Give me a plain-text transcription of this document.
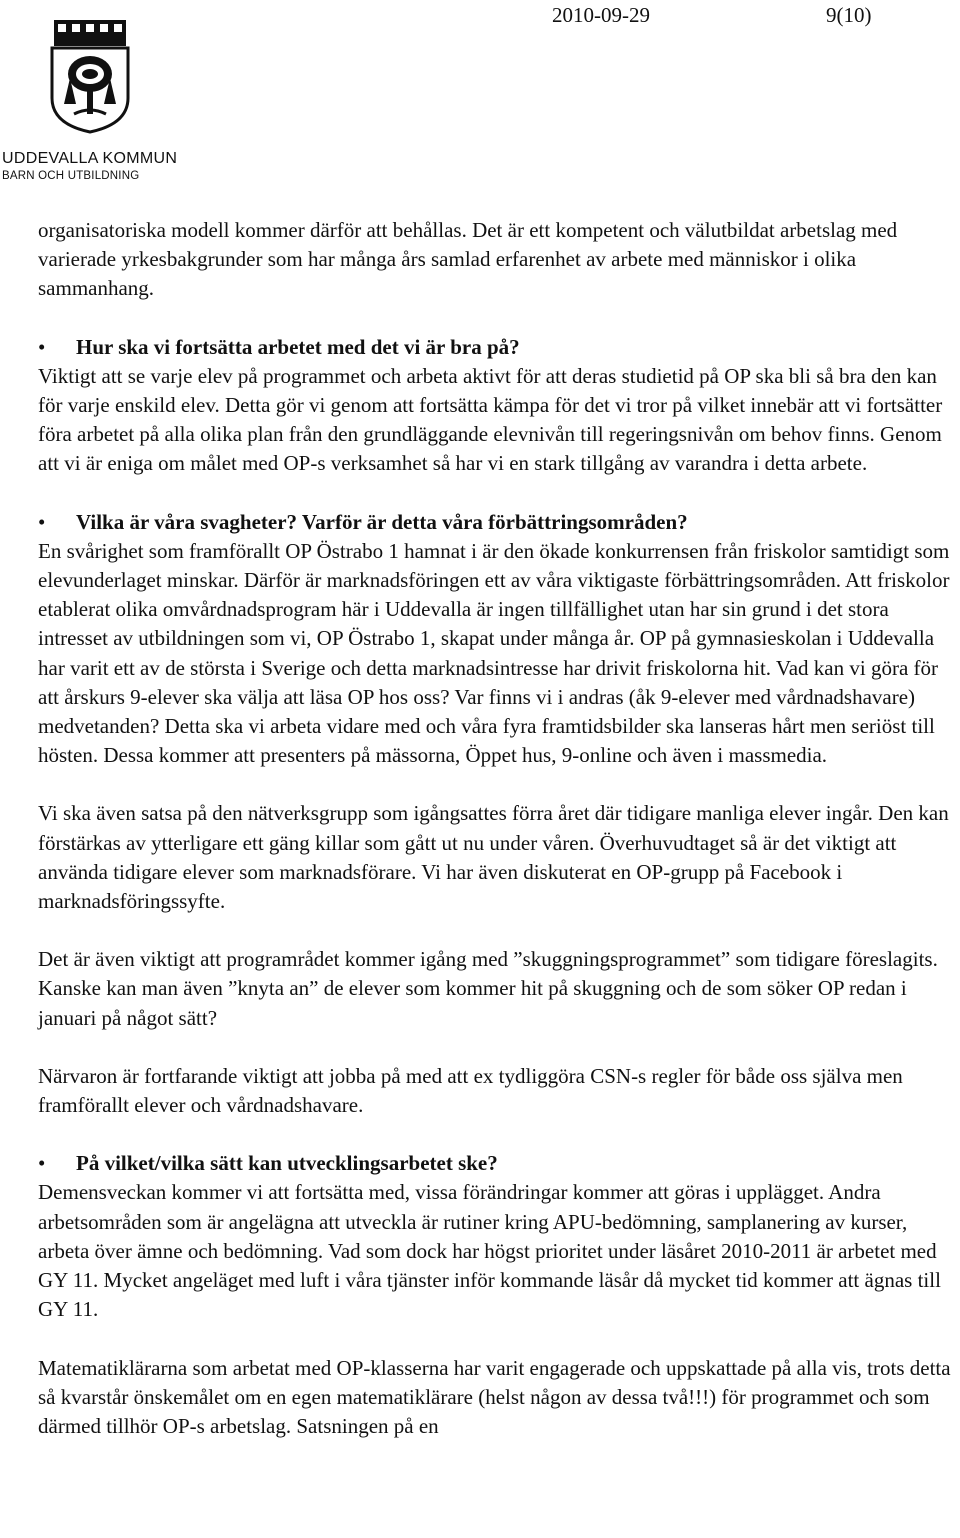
2010-09-29	9(10)
UDDEVALLA KOMMUN
BARN OCH UTBILDNING

organisatoriska modell kommer därför att behållas. Det är ett kompetent och välutbildat arbetslag med varierade yrkesbakgrunder som har många års samlad erfarenhet av arbete med människor i olika sammanhang.

• Hur ska vi fortsätta arbetet med det vi är bra på?

Viktigt att se varje elev på programmet och arbeta aktivt för att deras studietid på OP ska bli så bra den kan för varje enskild elev. Detta gör vi genom att fortsätta kämpa för det vi tror på vilket innebär att vi fortsätter föra arbetet på alla olika plan från den grundläggande elevnivån till regeringsnivån om behov finns. Genom att vi är eniga om målet med OP-s verksamhet så har vi en stark tillgång av varandra i detta arbete.

• Vilka är våra svagheter? Varför är detta våra förbättringsområden?

En svårighet som framförallt OP Östrabo 1 hamnat i är den ökade konkurrensen från friskolor samtidigt som elevunderlaget minskar. Därför är marknadsföringen ett av våra viktigaste förbättringsområden. Att friskolor etablerat olika omvårdnadsprogram här i Uddevalla är ingen tillfällighet utan har sin grund i det stora intresset av utbildningen som vi, OP Östrabo 1, skapat under många år. OP på gymnasieskolan i Uddevalla har varit ett av de största i Sverige och detta marknadsintresse har drivit friskolorna hit. Vad kan vi göra för att årskurs 9-elever ska välja att läsa OP hos oss? Var finns vi i andras (åk 9-elever med vårdnadshavare) medvetanden? Detta ska vi arbeta vidare med och våra fyra framtidsbilder ska lanseras hårt men seriöst till hösten. Dessa kommer att presenters på mässorna, Öppet hus, 9-online och även i massmedia.

Vi ska även satsa på den nätverksgrupp som igångsattes förra året där tidigare manliga elever ingår. Den kan förstärkas av ytterligare ett gäng killar som gått ut nu under våren. Överhuvudtaget så är det viktigt att använda tidigare elever som marknadsförare. Vi har även diskuterat en OP-grupp på Facebook i marknadsföringssyfte.

Det är även viktigt att programrådet kommer igång med ”skuggningsprogrammet” som tidigare föreslagits. Kanske kan man även ”knyta an” de elever som kommer hit på skuggning och de som söker OP redan i januari på något sätt?

Närvaron är fortfarande viktigt att jobba på med att ex tydliggöra CSN-s regler för både oss själva men framförallt elever och vårdnadshavare.

• På vilket/vilka sätt kan utvecklingsarbetet ske?

Demensveckan kommer vi att fortsätta med, vissa förändringar kommer att göras i upplägget. Andra arbetsområden som är angelägna att utveckla är rutiner kring APU-bedömning, samplanering av kurser, arbeta över ämne och bedömning. Vad som dock har högst prioritet under läsåret 2010-2011 är arbetet med GY 11. Mycket angeläget med luft i våra tjänster inför kommande läsår då mycket tid kommer att ägnas till GY 11.

Matematiklärarna som arbetat med OP-klasserna har varit engagerade och uppskattade på alla vis, trots detta så kvarstår önskemålet om en egen matematiklärare (helst någon av dessa två!!!) för programmet och som därmed tillhör OP-s arbetslag. Satsningen på en
